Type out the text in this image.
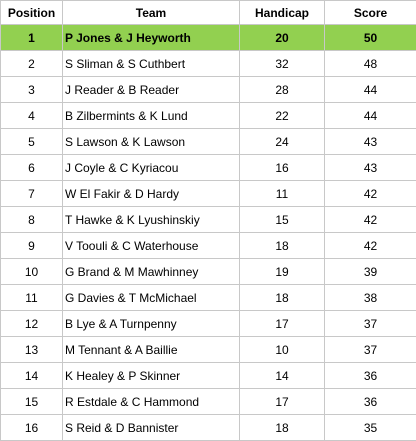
Position	Team	Handicap	Score
1	P Jones & J Heyworth	20	50
2	S Sliman & S Cuthbert	32	48
3	J Reader & B Reader	28	44
4	B Zilbermints & K Lund	22	44
5	S Lawson & K Lawson	24	43
6	J Coyle & C Kyriacou	16	43
7	W El Fakir & D Hardy	11	42
8	T Hawke & K Lyushinskiy	15	42
9	V Toouli & C Waterhouse	18	42
10	G Brand & M Mawhinney	19	39
11	G Davies & T McMichael	18	38
12	B Lye & A Turnpenny	17	37
13	M Tennant & A Baillie	10	37
14	K Healey & P Skinner	14	36
15	R Estdale & C Hammond	17	36
16	S Reid & D Bannister	18	35
